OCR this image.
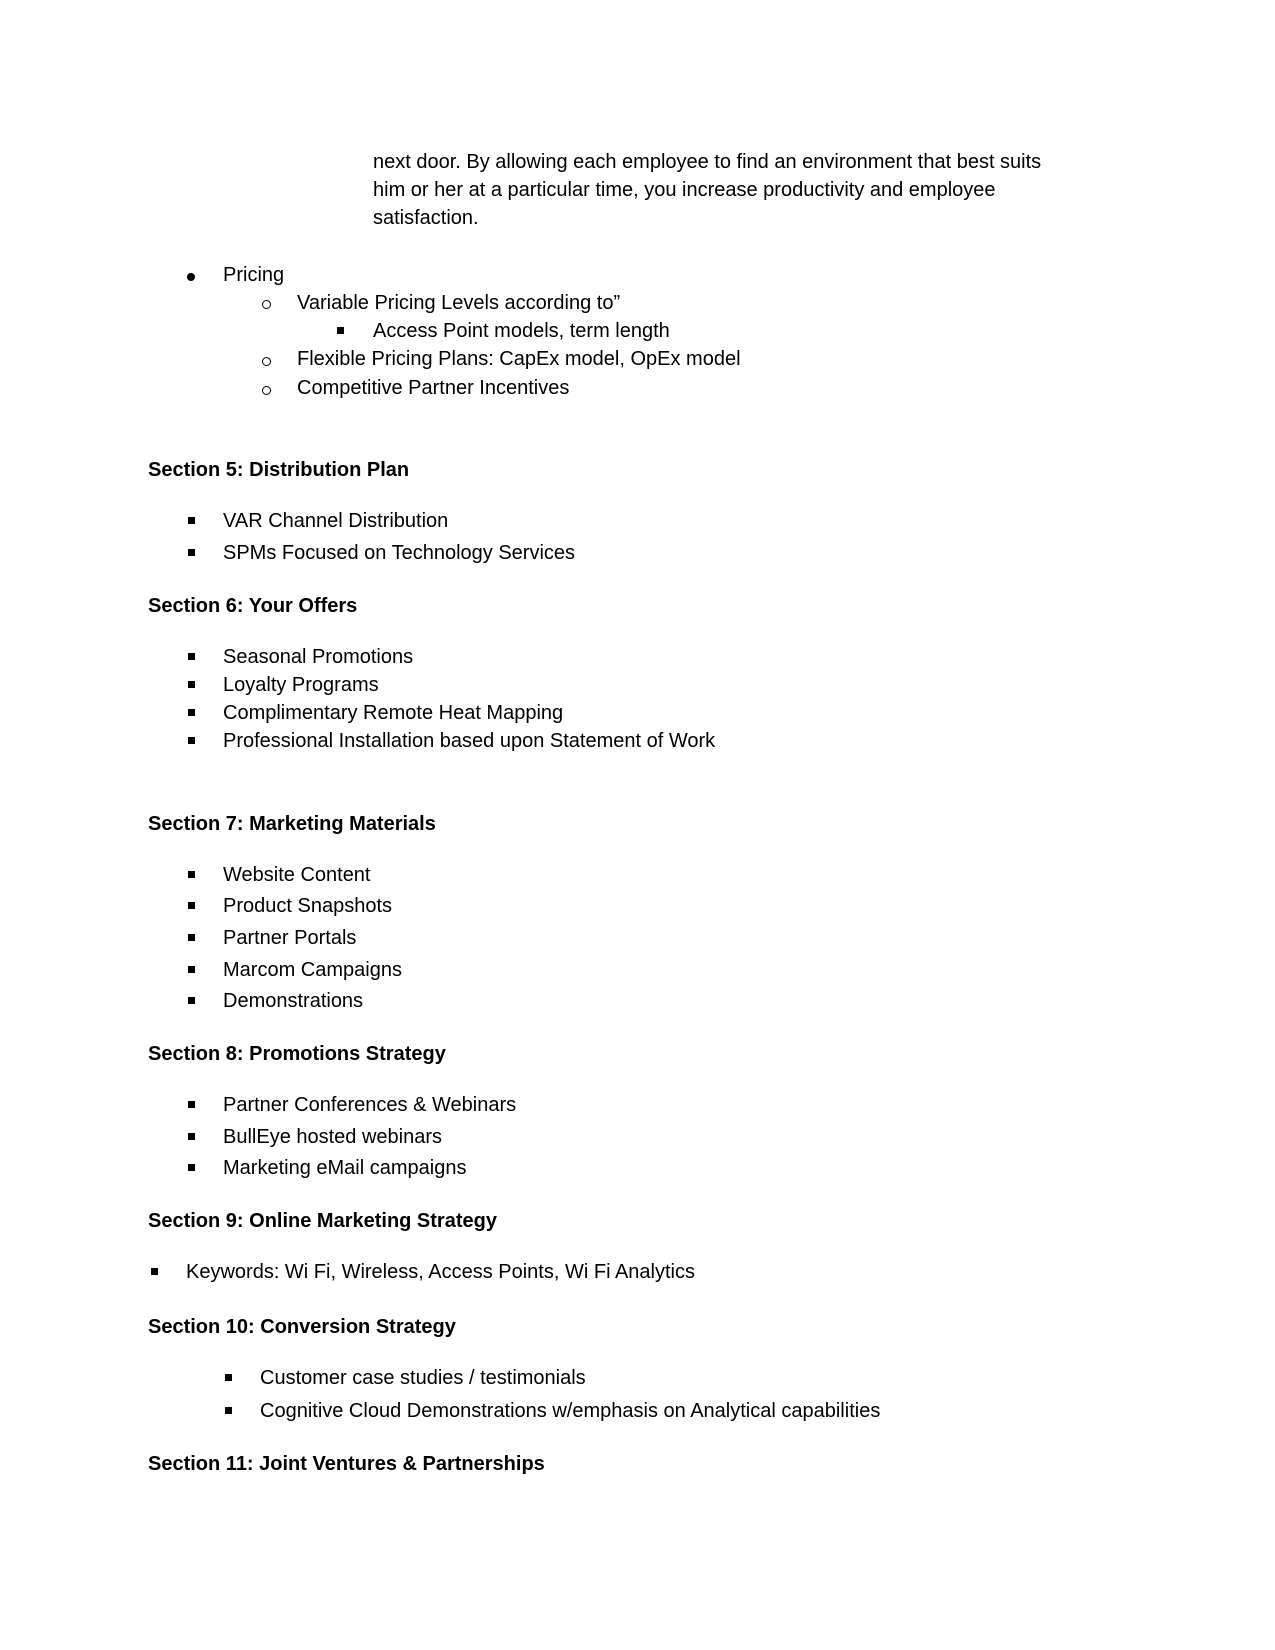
next door. By allowing each employee to find an environment that best suits
him or her at a particular time, you increase productivity and employee
satisfaction.
Pricing
Variable Pricing Levels according to”
Access Point models, term length
Flexible Pricing Plans: CapEx model, OpEx model
Competitive Partner Incentives
Section 5: Distribution Plan
VAR Channel Distribution
SPMs Focused on Technology Services
Section 6: Your Offers
Seasonal Promotions
Loyalty Programs
Complimentary Remote Heat Mapping
Professional Installation based upon Statement of Work
Section 7: Marketing Materials
Website Content
Product Snapshots
Partner Portals
Marcom Campaigns
Demonstrations
Section 8: Promotions Strategy
Partner Conferences & Webinars
BullEye hosted webinars
Marketing eMail campaigns
Section 9: Online Marketing Strategy
Keywords: Wi Fi, Wireless, Access Points, Wi Fi Analytics
Section 10: Conversion Strategy
Customer case studies / testimonials
Cognitive Cloud Demonstrations w/emphasis on Analytical capabilities
Section 11: Joint Ventures & Partnerships
